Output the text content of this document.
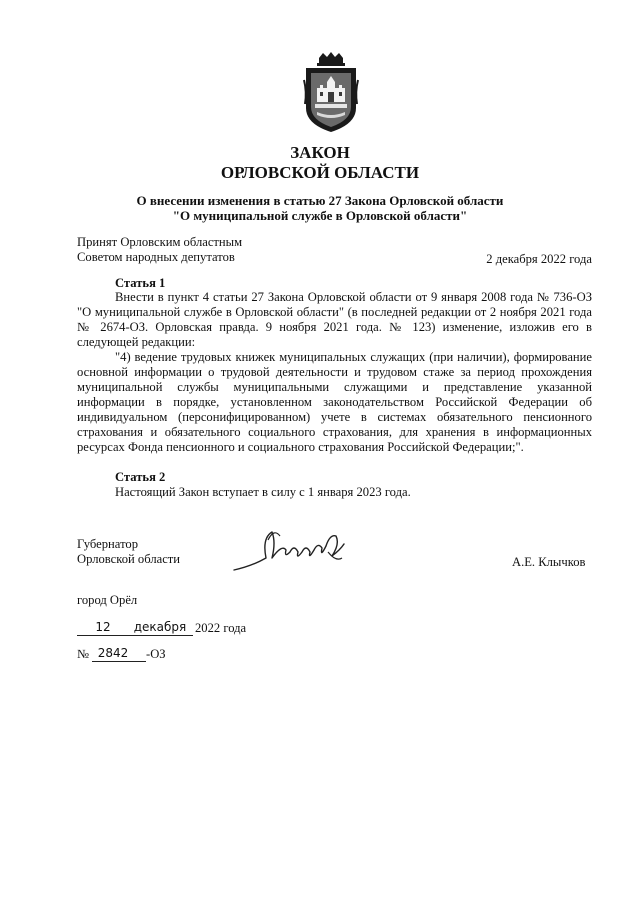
ЗАКОН
ОРЛОВСКОЙ ОБЛАСТИ
О внесении изменения в статью 27 Закона Орловской области
"О муниципальной службе в Орловской области"
Принят Орловским областным
Советом народных депутатов	2 декабря 2022 года
Статья 1
Внести в пункт 4 статьи 27 Закона Орловской области от 9 января 2008 года № 736-ОЗ "О муниципальной службе в Орловской области" (в последней редакции от 2 ноября 2021 года № 2674-ОЗ. Орловская правда. 9 ноября 2021 года. № 123) изменение, изложив его в следующей редакции:
"4) ведение трудовых книжек муниципальных служащих (при наличии), формирование основной информации о трудовой деятельности и трудовом стаже за период прохождения муниципальной службы муниципальными служащими и представление указанной информации в порядке, установленном законодательством Российской Федерации об индивидуальном (персонифицированном) учете в системах обязательного пенсионного страхования и обязательного социального страхования, для хранения в информационных ресурсах Фонда пенсионного и социального страхования Российской Федерации;".
Статья 2
Настоящий Закон вступает в силу с 1 января 2023 года.
Губернатор
Орловской области	А.Е. Клычков
город Орёл
12	декабря 2022 года
№ 2842	-ОЗ
